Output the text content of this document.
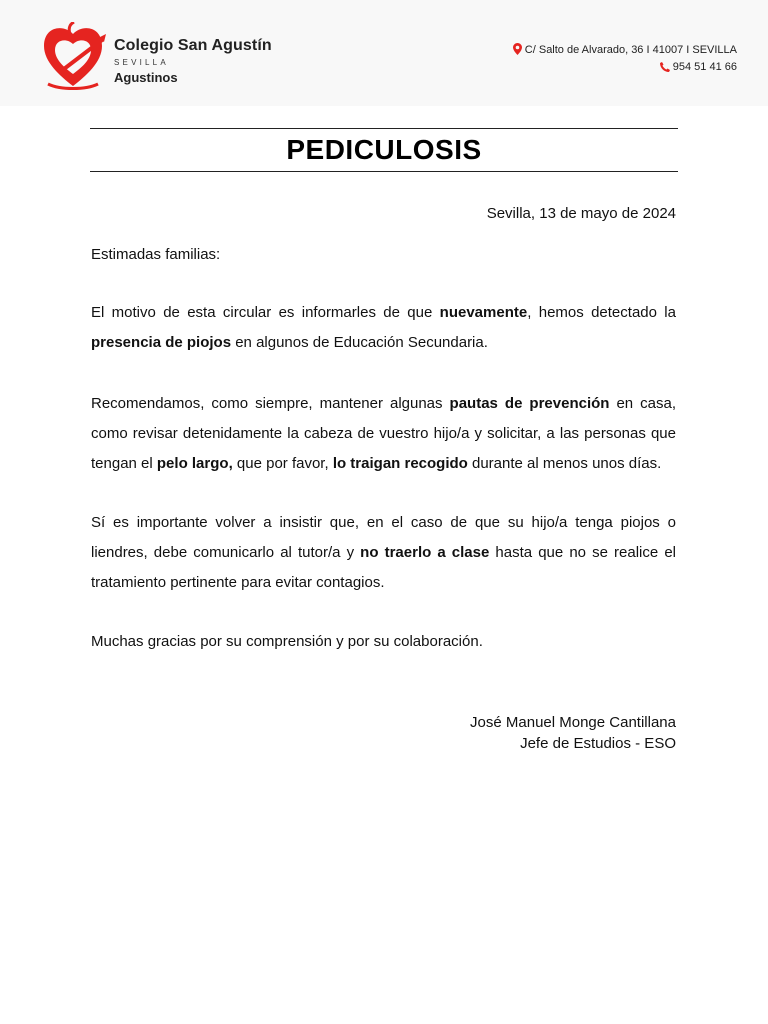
Colegio San Agustín
SEVILLA
Agustinos
C/ Salto de Alvarado, 36 I 41007 I SEVILLA
954 51 41 66
PEDICULOSIS
Sevilla, 13 de mayo de 2024
Estimadas familias:
El motivo de esta circular es informarles de que nuevamente, hemos detectado la presencia de piojos en algunos de Educación Secundaria.
Recomendamos, como siempre, mantener algunas pautas de prevención en casa, como revisar detenidamente la cabeza de vuestro hijo/a y solicitar, a las personas que tengan el pelo largo, que por favor, lo traigan recogido durante al menos unos días.
Sí es importante volver a insistir que, en el caso de que su hijo/a tenga piojos o liendres, debe comunicarlo al tutor/a y no traerlo a clase hasta que no se realice el tratamiento pertinente para evitar contagios.
Muchas gracias por su comprensión y por su colaboración.
José Manuel Monge Cantillana
Jefe de Estudios - ESO
